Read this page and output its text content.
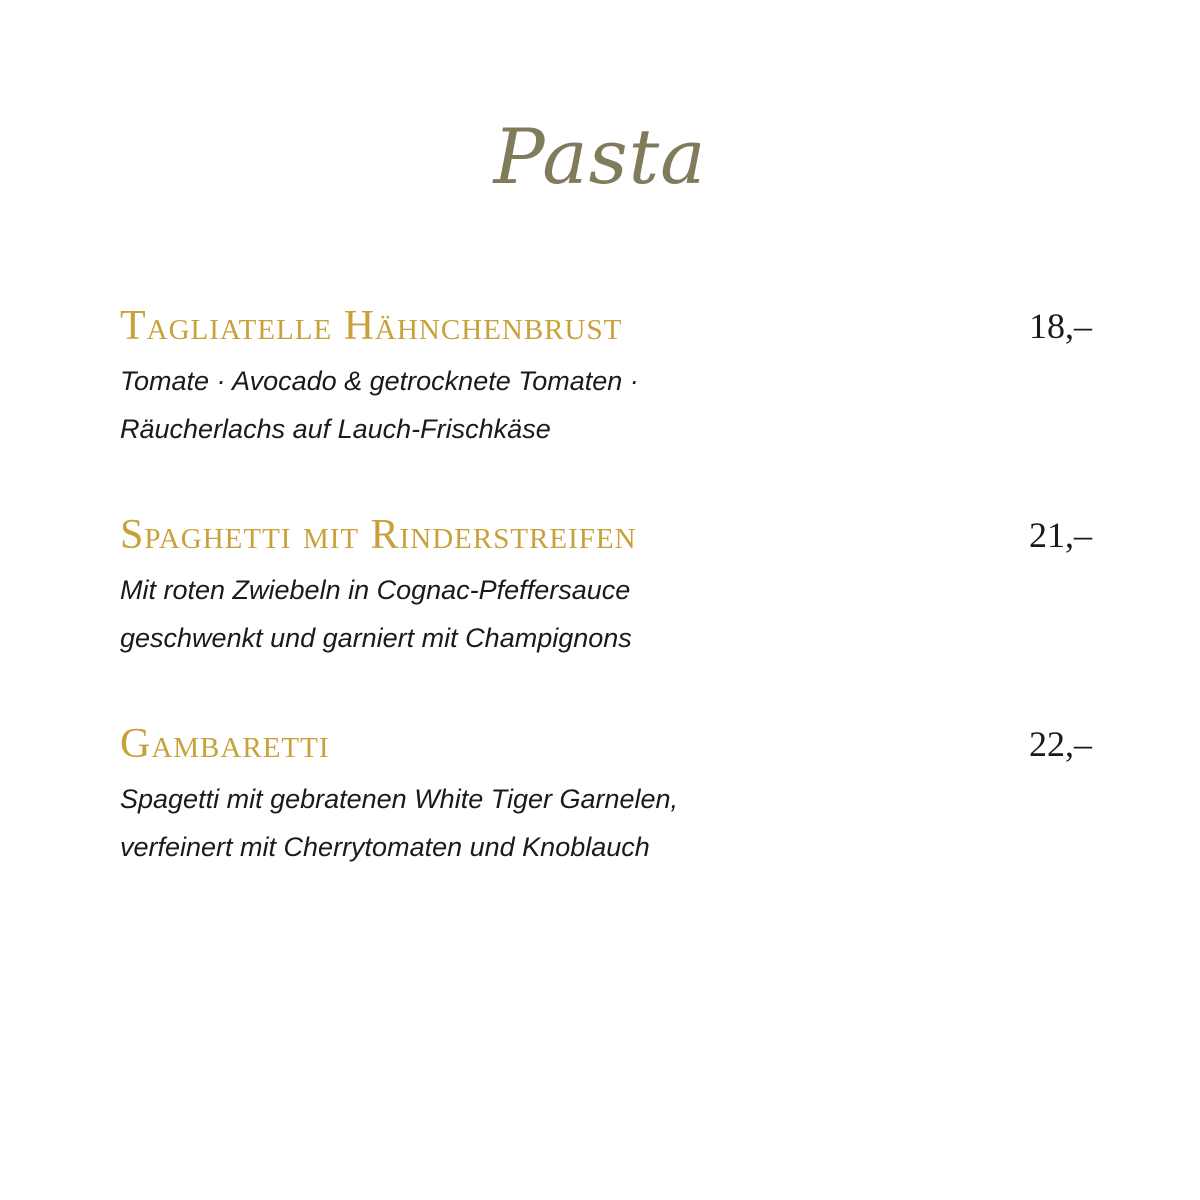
Pasta
Tagliatelle Hähnchenbrust	18,–
Tomate · Avocado & getrocknete Tomaten ·
Räucherlachs auf Lauch-Frischkäse
Spaghetti mit Rinderstreifen	21,–
Mit roten Zwiebeln in Cognac-Pfeffersauce
geschwenkt und garniert mit Champignons
Gambaretti	22,–
Spagetti mit gebratenen White Tiger Garnelen,
verfeinert mit Cherrytomaten und Knoblauch
